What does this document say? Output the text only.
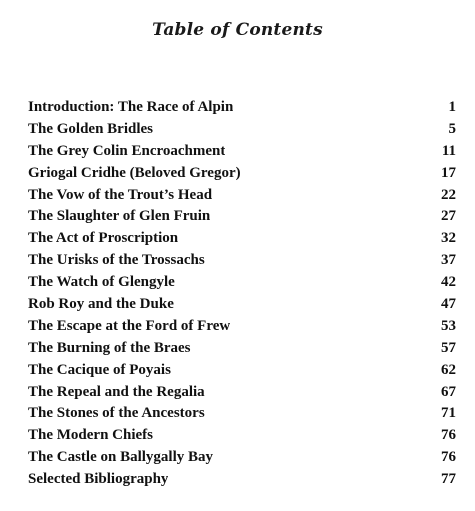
Table of Contents
Introduction: The Race of Alpin	1
The Golden Bridles	5
The Grey Colin Encroachment	11
Griogal Cridhe (Beloved Gregor)	17
The Vow of the Trout’s Head	22
The Slaughter of Glen Fruin	27
The Act of Proscription	32
The Urisks of the Trossachs	37
The Watch of Glengyle	42
Rob Roy and the Duke	47
The Escape at the Ford of Frew	53
The Burning of the Braes	57
The Cacique of Poyais	62
The Repeal and the Regalia	67
The Stones of the Ancestors	71
The Modern Chiefs	76
The Castle on Ballygally Bay	76
Selected Bibliography	77
